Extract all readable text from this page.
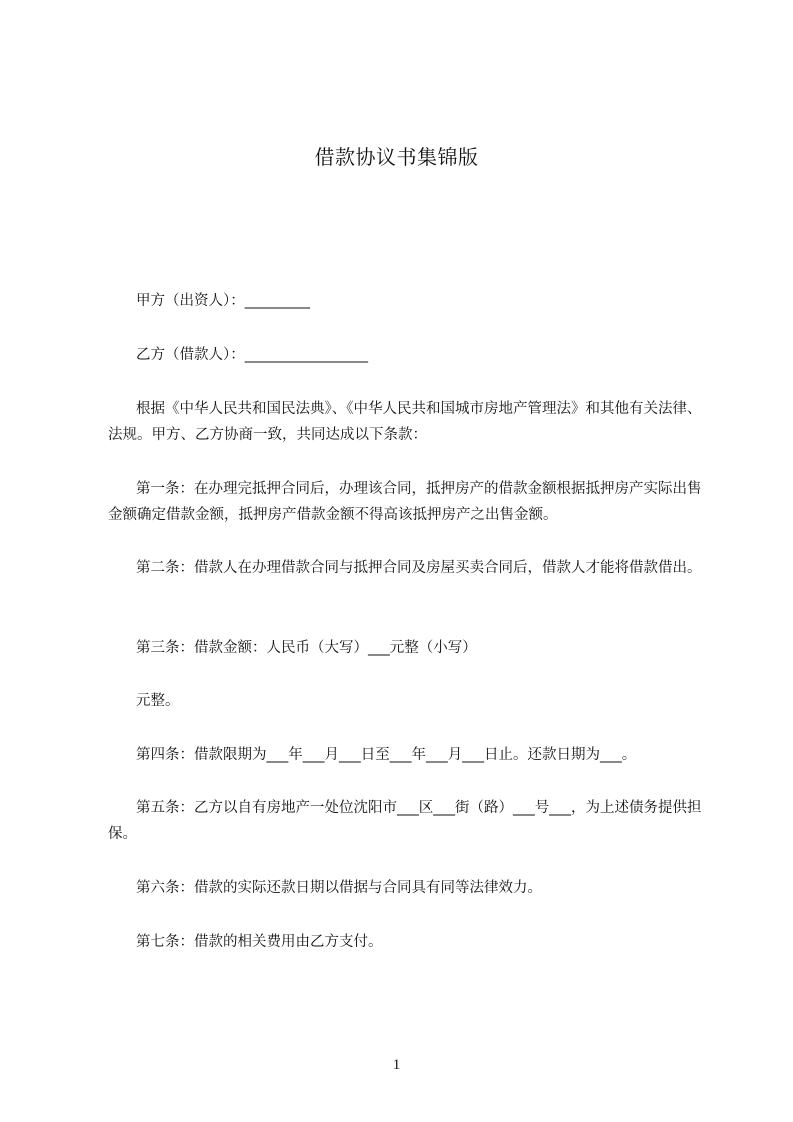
借款协议书集锦版

甲方（出资人）：_________

乙方（借款人）：_________________

根据《中华人民共和国民法典》、《中华人民共和国城市房地产管理法》和其他有关法律、法规。甲方、乙方协商一致，共同达成以下条款：

第一条：在办理完抵押合同后，办理该合同，抵押房产的借款金额根据抵押房产实际出售金额确定借款金额，抵押房产借款金额不得高该抵押房产之出售金额。

第二条：借款人在办理借款合同与抵押合同及房屋买卖合同后，借款人才能将借款借出。

第三条：借款金额：人民币（大写）___元整（小写）

元整。

第四条：借款限期为___年___月___日至___年___月___日止。还款日期为___。

第五条：乙方以自有房地产一处位沈阳市___区___街（路）___号___，为上述债务提供担保。

第六条：借款的实际还款日期以借据与合同具有同等法律效力。

第七条：借款的相关费用由乙方支付。

1
